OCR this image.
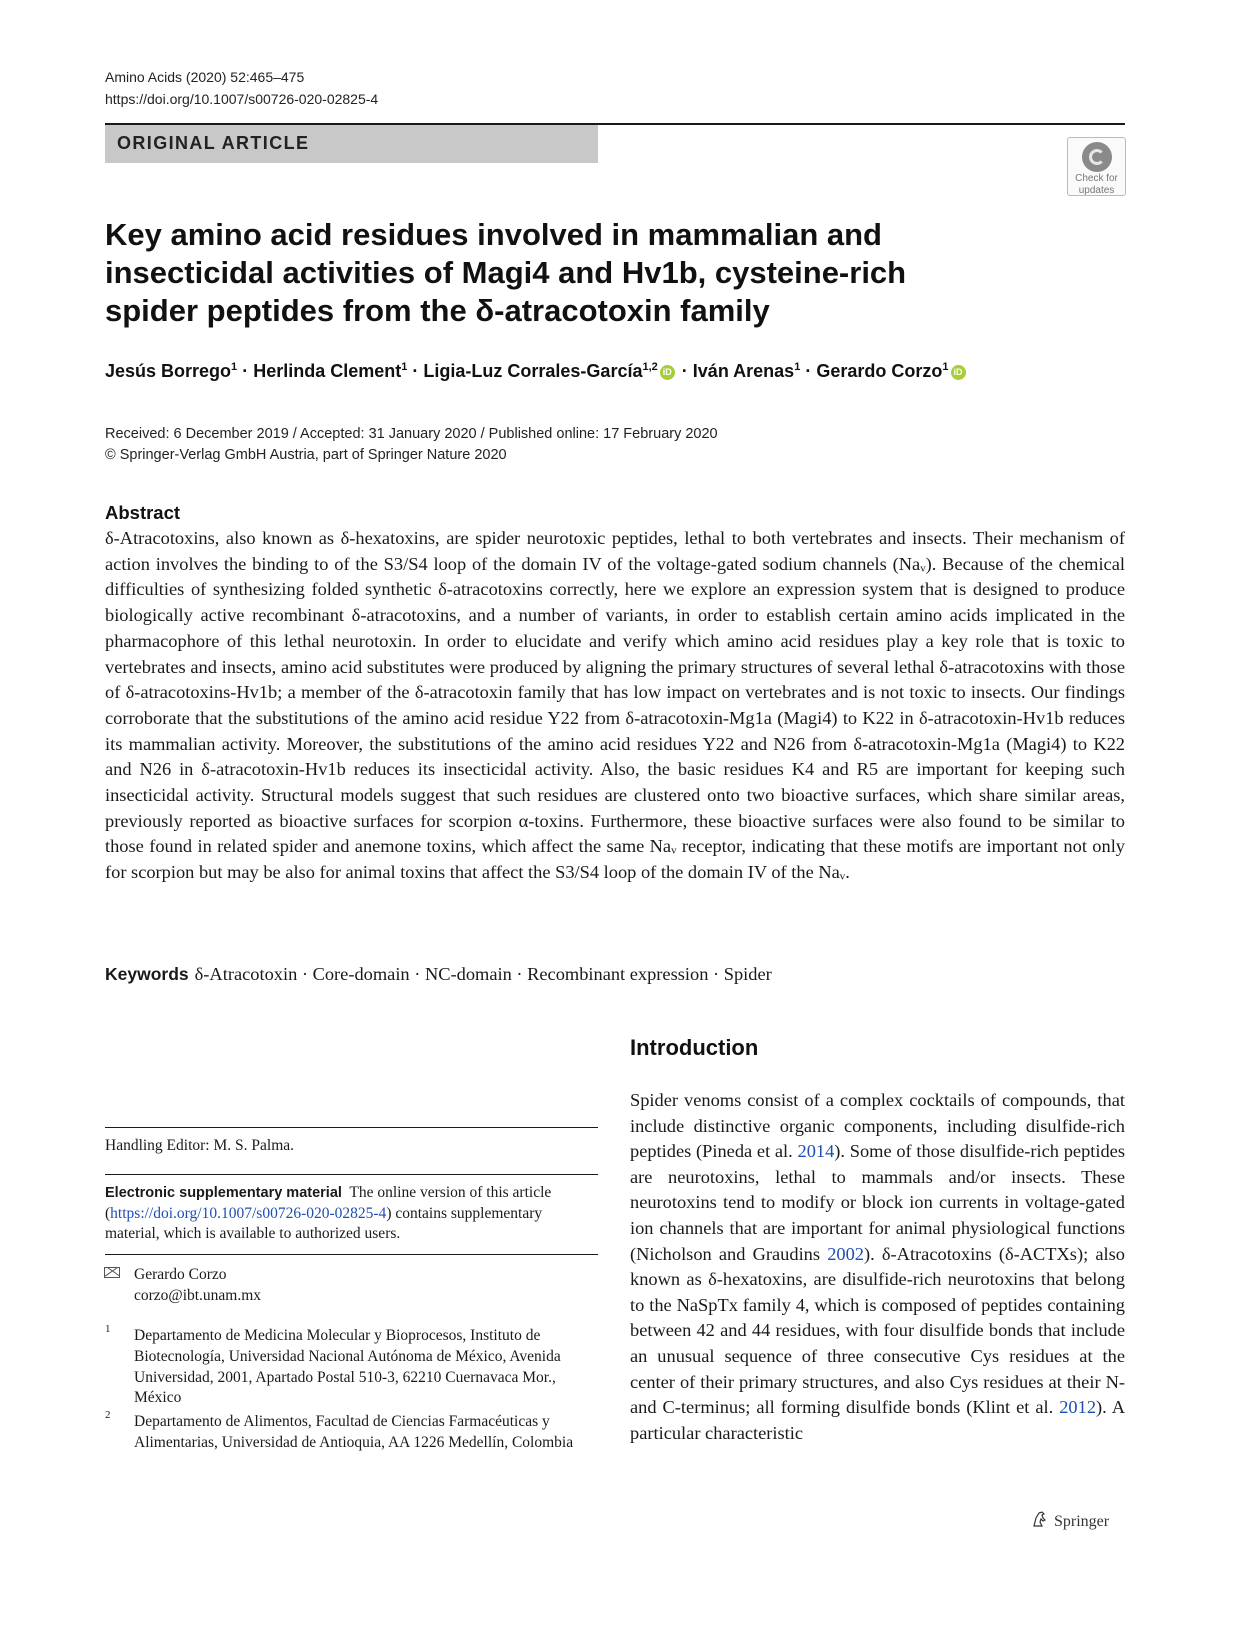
Amino Acids (2020) 52:465–475
https://doi.org/10.1007/s00726-020-02825-4
ORIGINAL ARTICLE
Check for
updates
Key amino acid residues involved in mammalian and insecticidal activities of Magi4 and Hv1b, cysteine-rich spider peptides from the δ-atracotoxin family
Jesús Borrego$^1$ · Herlinda Clement$^1$ · Ligia-Luz Corrales-García$^{1,2}$ iD · Iván Arenas$^1$ · Gerardo Corzo$^1$ iD
Received: 6 December 2019 / Accepted: 31 January 2020 / Published online: 17 February 2020
© Springer-Verlag GmbH Austria, part of Springer Nature 2020
Abstract
δ-Atracotoxins, also known as δ-hexatoxins, are spider neurotoxic peptides, lethal to both vertebrates and insects. Their mechanism of action involves the binding to of the S3/S4 loop of the domain IV of the voltage-gated sodium channels (Naᵥ). Because of the chemical difficulties of synthesizing folded synthetic δ-atracotoxins correctly, here we explore an expression system that is designed to produce biologically active recombinant δ-atracotoxins, and a number of variants, in order to establish certain amino acids implicated in the pharmacophore of this lethal neurotoxin. In order to elucidate and verify which amino acid residues play a key role that is toxic to vertebrates and insects, amino acid substitutes were produced by aligning the primary structures of several lethal δ-atracotoxins with those of δ-atracotoxins-Hv1b; a member of the δ-atracotoxin family that has low impact on vertebrates and is not toxic to insects. Our findings corroborate that the substitutions of the amino acid residue Y22 from δ-atracotoxin-Mg1a (Magi4) to K22 in δ-atracotoxin-Hv1b reduces its mammalian activity. Moreover, the substitutions of the amino acid residues Y22 and N26 from δ-atracotoxin-Mg1a (Magi4) to K22 and N26 in δ-atracotoxin-Hv1b reduces its insecticidal activity. Also, the basic residues K4 and R5 are important for keeping such insecticidal activity. Structural models suggest that such residues are clustered onto two bioactive surfaces, which share similar areas, previously reported as bioactive surfaces for scorpion α-toxins. Furthermore, these bioactive surfaces were also found to be similar to those found in related spider and anemone toxins, which affect the same Naᵥ receptor, indicating that these motifs are important not only for scorpion but may be also for animal toxins that affect the S3/S4 loop of the domain IV of the Naᵥ.
Keywords δ-Atracotoxin · Core-domain · NC-domain · Recombinant expression · Spider
Handling Editor: M. S. Palma.
Electronic supplementary material The online version of this article (https://doi.org/10.1007/s00726-020-02825-4) contains supplementary material, which is available to authorized users.
Gerardo Corzo
corzo@ibt.unam.mx
1 Departamento de Medicina Molecular y Bioprocesos, Instituto de Biotecnología, Universidad Nacional Autónoma de México, Avenida Universidad, 2001, Apartado Postal 510-3, 62210 Cuernavaca Mor., México
2 Departamento de Alimentos, Facultad de Ciencias Farmacéuticas y Alimentarias, Universidad de Antioquia, AA 1226 Medellín, Colombia
Introduction
Spider venoms consist of a complex cocktails of compounds, that include distinctive organic components, including disulfide-rich peptides (Pineda et al. 2014). Some of those disulfide-rich peptides are neurotoxins, lethal to mammals and/or insects. These neurotoxins tend to modify or block ion currents in voltage-gated ion channels that are important for animal physiological functions (Nicholson and Graudins 2002). δ-Atracotoxins (δ-ACTXs); also known as δ-hexatoxins, are disulfide-rich neurotoxins that belong to the NaSpTx family 4, which is composed of peptides containing between 42 and 44 residues, with four disulfide bonds that include an unusual sequence of three consecutive Cys residues at the center of their primary structures, and also Cys residues at their N- and C-terminus; all forming disulfide bonds (Klint et al. 2012). A particular characteristic
Springer
